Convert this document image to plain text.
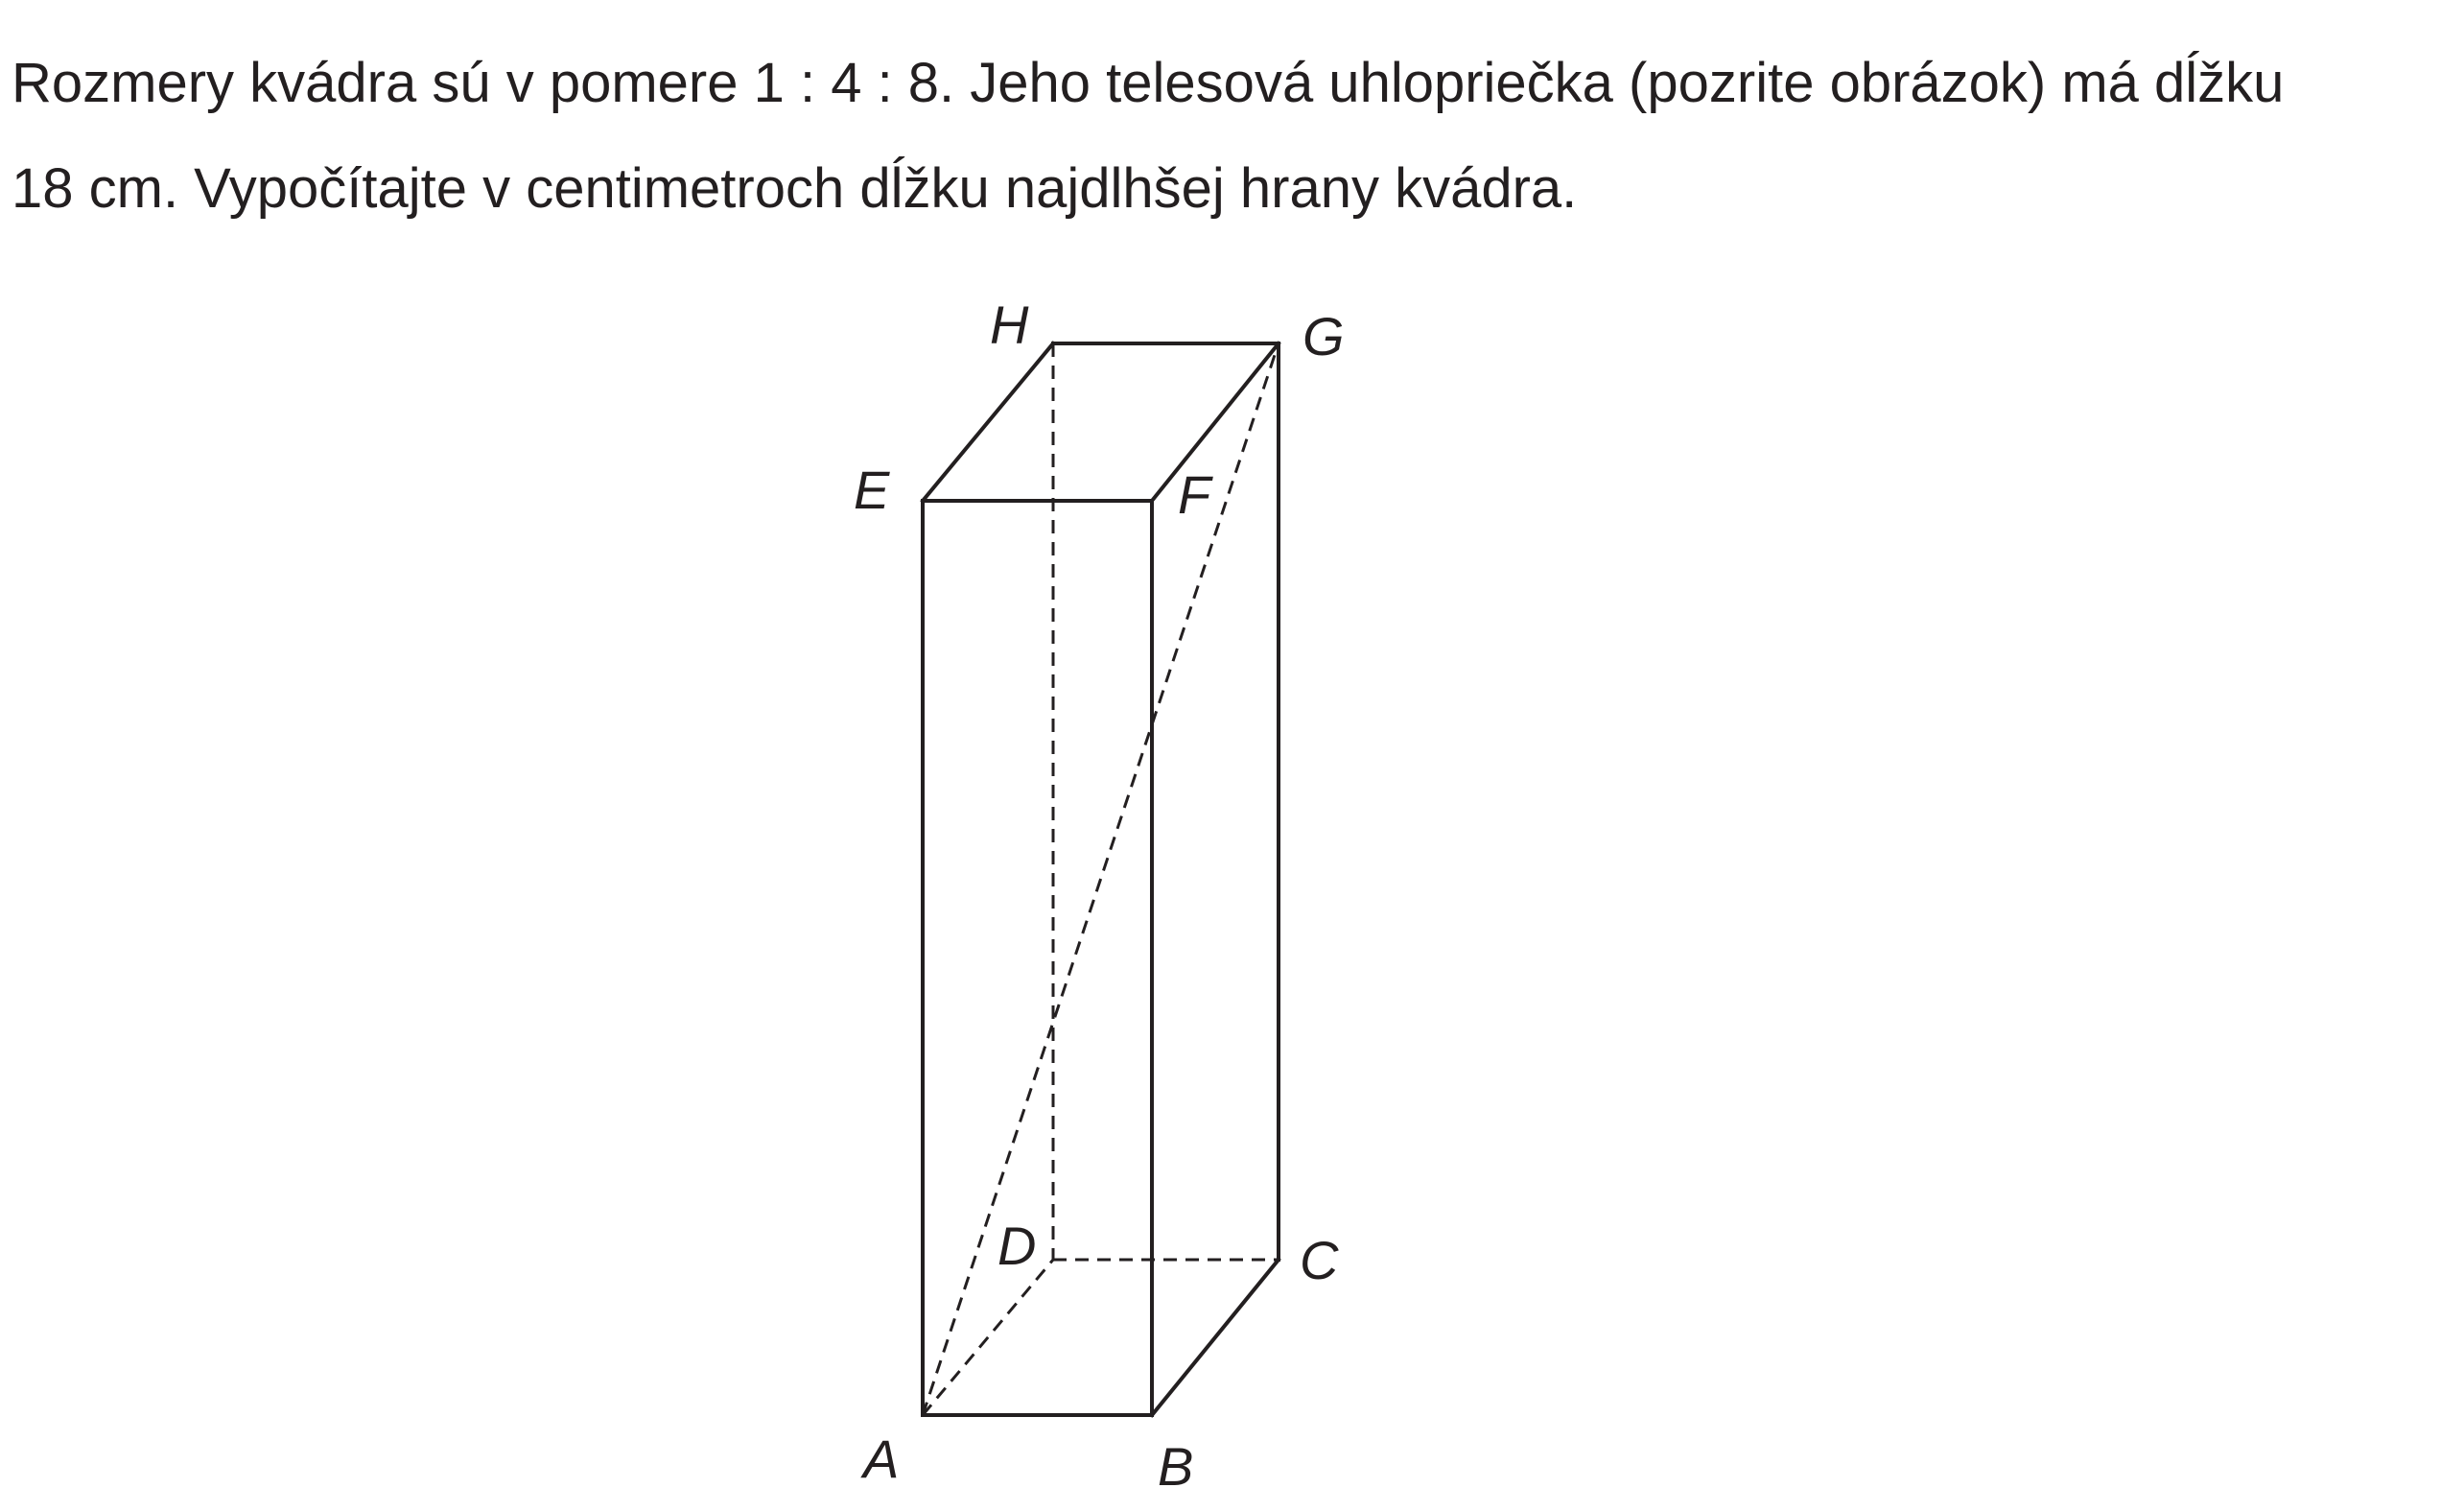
Rozmery kvádra sú v pomere 1 : 4 : 8. Jeho telesová uhlopriečka (pozrite obrázok) má dĺžku
18 cm. Vypočítajte v centimetroch dĺžku najdlhšej hrany kvádra.

A	B
C
D
E	F
G
H
